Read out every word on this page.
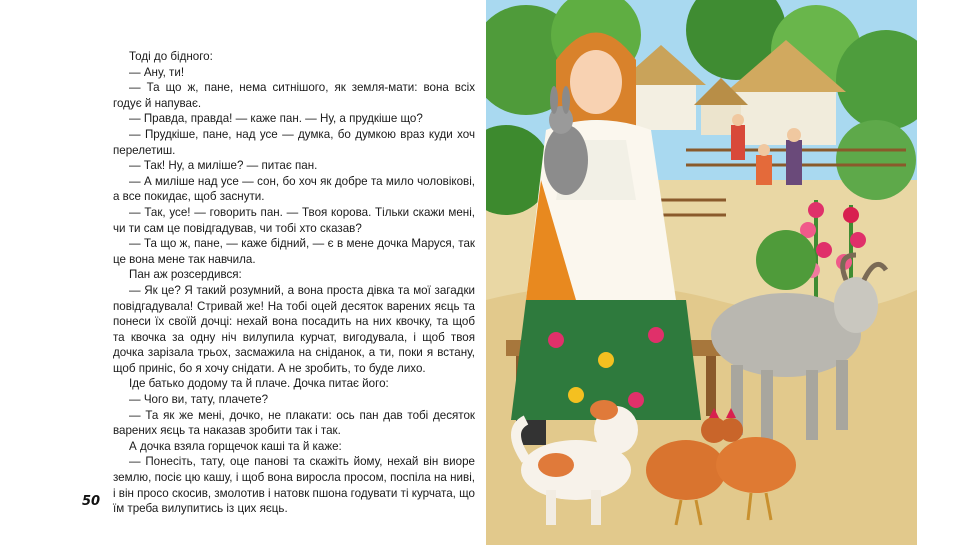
Тоді до бідного:

— Ану, ти!

— Та що ж, пане, нема ситнішого, як земля-мати: вона всіх годує й напуває.

— Правда, правда! — каже пан. — Ну, а прудкіше що?

— Прудкіше, пане, над усе — думка, бо думкою враз куди хоч перелетиш.

— Так! Ну, а миліше? — питає пан.

— А миліше над усе — сон, бо хоч як добре та мило чоловікові, а все покидає, щоб заснути.

— Так, усе! — говорить пан. — Твоя корова. Тільки скажи мені, чи ти сам це повідгадував, чи тобі хто сказав?

— Та що ж, пане, — каже бідний, — є в мене дочка Маруся, так це вона мене так навчила.

Пан аж розсердився:

— Як це? Я такий розумний, а вона проста дівка та мої загадки повідгадувала! Стривай же! На тобі оцей десяток варених яєць та понеси їх своїй дочці: нехай вона посадить на них квочку, та щоб та квочка за одну ніч вилупила курчат, вигодувала, і щоб твоя дочка зарізала трьох, засмажила на сніданок, а ти, поки я встану, щоб приніс, бо я хочу снідати. А не зробить, то буде лихо.

Іде батько додому та й плаче. Дочка питає його:

— Чого ви, тату, плачете?

— Та як же мені, дочко, не плакати: ось пан дав тобі десяток варених яєць та наказав зробити так і так.

А дочка взяла горщечок каші та й каже:

— Понесіть, тату, оце панові та скажіть йому, нехай він виоре землю, посіє цю кашу, і щоб вона виросла просом, поспіла на ниві, і він просо скосив, змолотив і натовк пшона годувати ті курчата, що їм треба вилупитись із цих яєць.

50
